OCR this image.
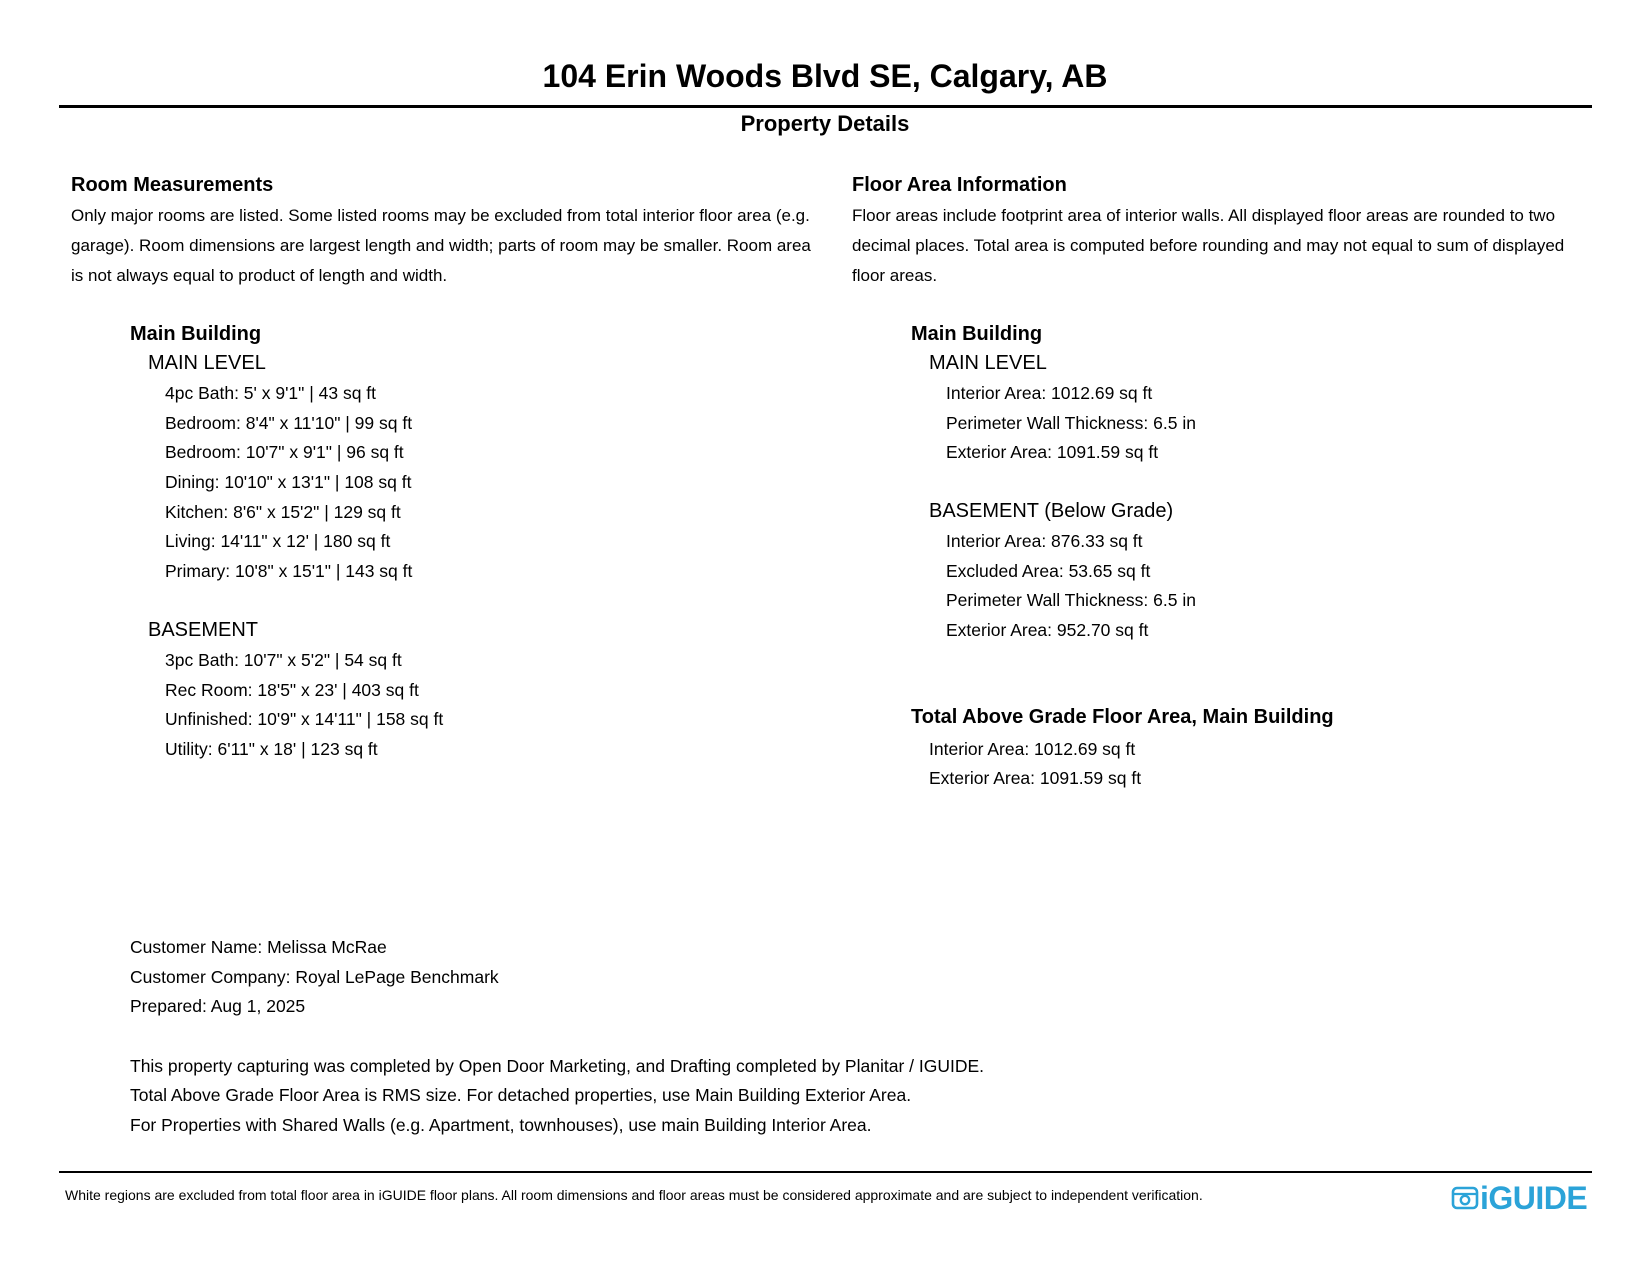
104 Erin Woods Blvd SE, Calgary, AB
Property Details
Room Measurements
Only major rooms are listed. Some listed rooms may be excluded from total interior floor area (e.g. garage). Room dimensions are largest length and width; parts of room may be smaller. Room area is not always equal to product of length and width.
Main Building
MAIN LEVEL
4pc Bath: 5' x 9'1" | 43 sq ft
Bedroom: 8'4" x 11'10" | 99 sq ft
Bedroom: 10'7" x 9'1" | 96 sq ft
Dining: 10'10" x 13'1" | 108 sq ft
Kitchen: 8'6" x 15'2" | 129 sq ft
Living: 14'11" x 12' | 180 sq ft
Primary: 10'8" x 15'1" | 143 sq ft
BASEMENT
3pc Bath: 10'7" x 5'2" | 54 sq ft
Rec Room: 18'5" x 23' | 403 sq ft
Unfinished: 10'9" x 14'11" | 158 sq ft
Utility: 6'11" x 18' | 123 sq ft
Floor Area Information
Floor areas include footprint area of interior walls. All displayed floor areas are rounded to two decimal places. Total area is computed before rounding and may not equal to sum of displayed floor areas.
Main Building
MAIN LEVEL
Interior Area: 1012.69 sq ft
Perimeter Wall Thickness: 6.5 in
Exterior Area: 1091.59 sq ft
BASEMENT (Below Grade)
Interior Area: 876.33 sq ft
Excluded Area: 53.65 sq ft
Perimeter Wall Thickness: 6.5 in
Exterior Area: 952.70 sq ft
Total Above Grade Floor Area, Main Building
Interior Area: 1012.69 sq ft
Exterior Area: 1091.59 sq ft
Customer Name: Melissa McRae
Customer Company: Royal LePage Benchmark
Prepared: Aug 1, 2025
This property capturing was completed by Open Door Marketing, and Drafting completed by Planitar / IGUIDE.
Total Above Grade Floor Area is RMS size. For detached properties, use Main Building Exterior Area.
For Properties with Shared Walls (e.g. Apartment, townhouses), use main Building Interior Area.
White regions are excluded from total floor area in iGUIDE floor plans. All room dimensions and floor areas must be considered approximate and are subject to independent verification.	iGUIDE
